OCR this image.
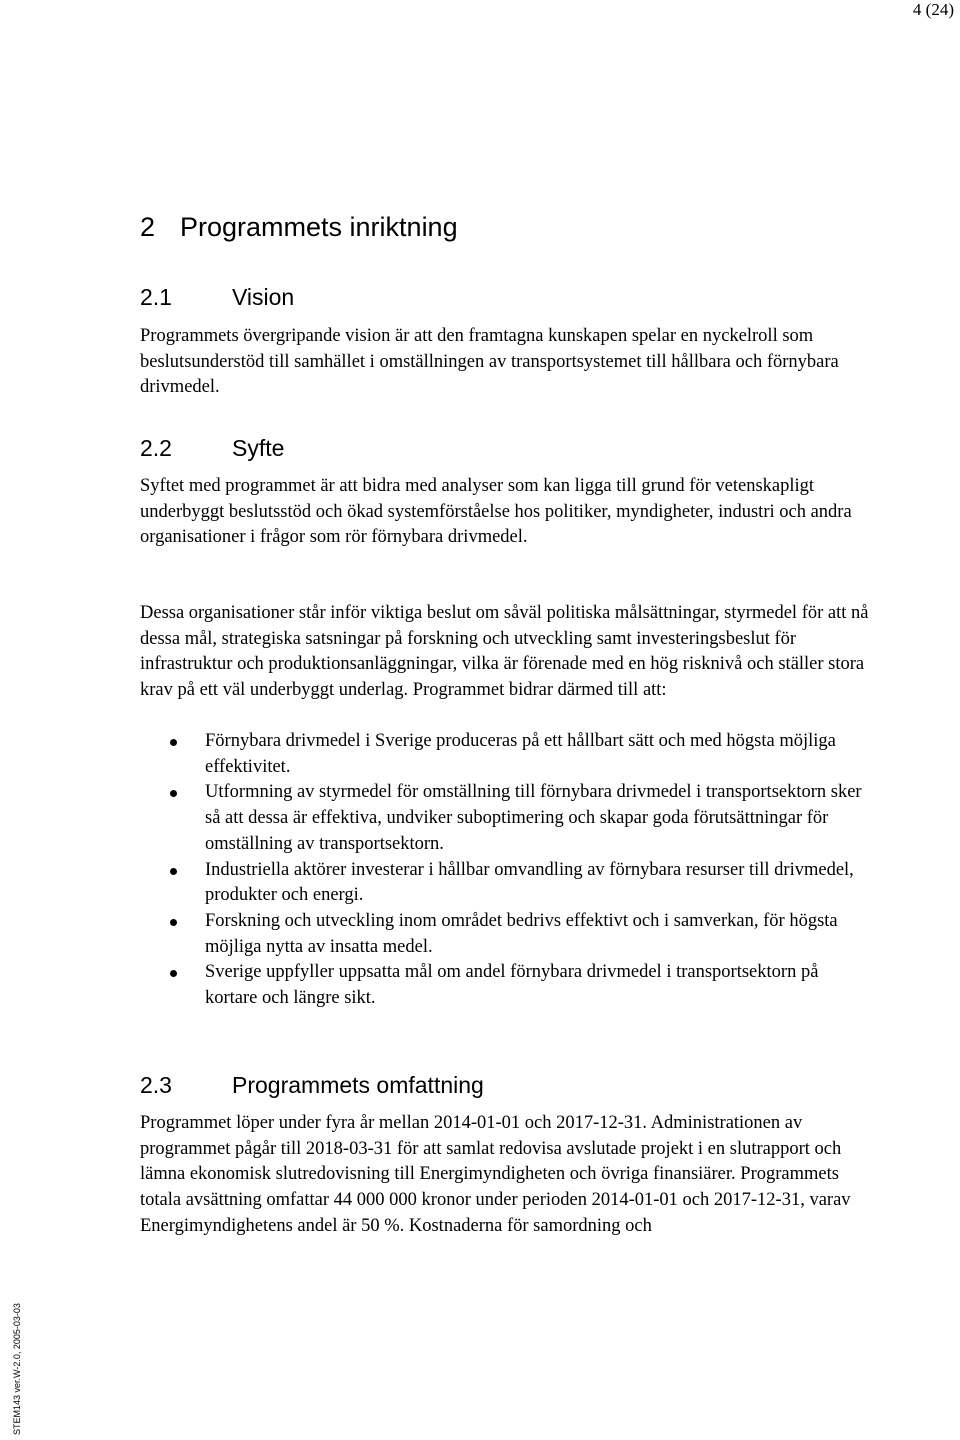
4 (24)
2 Programmets inriktning
2.1	Vision

Programmets övergripande vision är att den framtagna kunskapen spelar en nyckelroll som beslutsunderstöd till samhället i omställningen av transportsystemet till hållbara och förnybara drivmedel.

2.2	Syfte

Syftet med programmet är att bidra med analyser som kan ligga till grund för vetenskapligt underbyggt beslutsstöd och ökad systemförståelse hos politiker, myndigheter, industri och andra organisationer i frågor som rör förnybara drivmedel.

Dessa organisationer står inför viktiga beslut om såväl politiska målsättningar, styrmedel för att nå dessa mål, strategiska satsningar på forskning och utveckling samt investeringsbeslut för infrastruktur och produktionsanläggningar, vilka är förenade med en hög risknivå och ställer stora krav på ett väl underbyggt underlag. Programmet bidrar därmed till att:

Förnybara drivmedel i Sverige produceras på ett hållbart sätt och med högsta möjliga effektivitet.
Utformning av styrmedel för omställning till förnybara drivmedel i transportsektorn sker så att dessa är effektiva, undviker suboptimering och skapar goda förutsättningar för omställning av transportsektorn.
Industriella aktörer investerar i hållbar omvandling av förnybara resurser till drivmedel, produkter och energi.
Forskning och utveckling inom området bedrivs effektivt och i samverkan, för högsta möjliga nytta av insatta medel.
Sverige uppfyller uppsatta mål om andel förnybara drivmedel i transportsektorn på kortare och längre sikt.
2.3	Programmets omfattning

Programmet löper under fyra år mellan 2014-01-01 och 2017-12-31. Administrationen av programmet pågår till 2018-03-31 för att samlat redovisa avslutade projekt i en slutrapport och lämna ekonomisk slutredovisning till Energimyndigheten och övriga finansiärer. Programmets totala avsättning omfattar 44 000 000 kronor under perioden 2014-01-01 och 2017-12-31, varav Energimyndighetens andel är 50 %. Kostnaderna för samordning och

STEM143 ver.W-2.0, 2005-03-03
